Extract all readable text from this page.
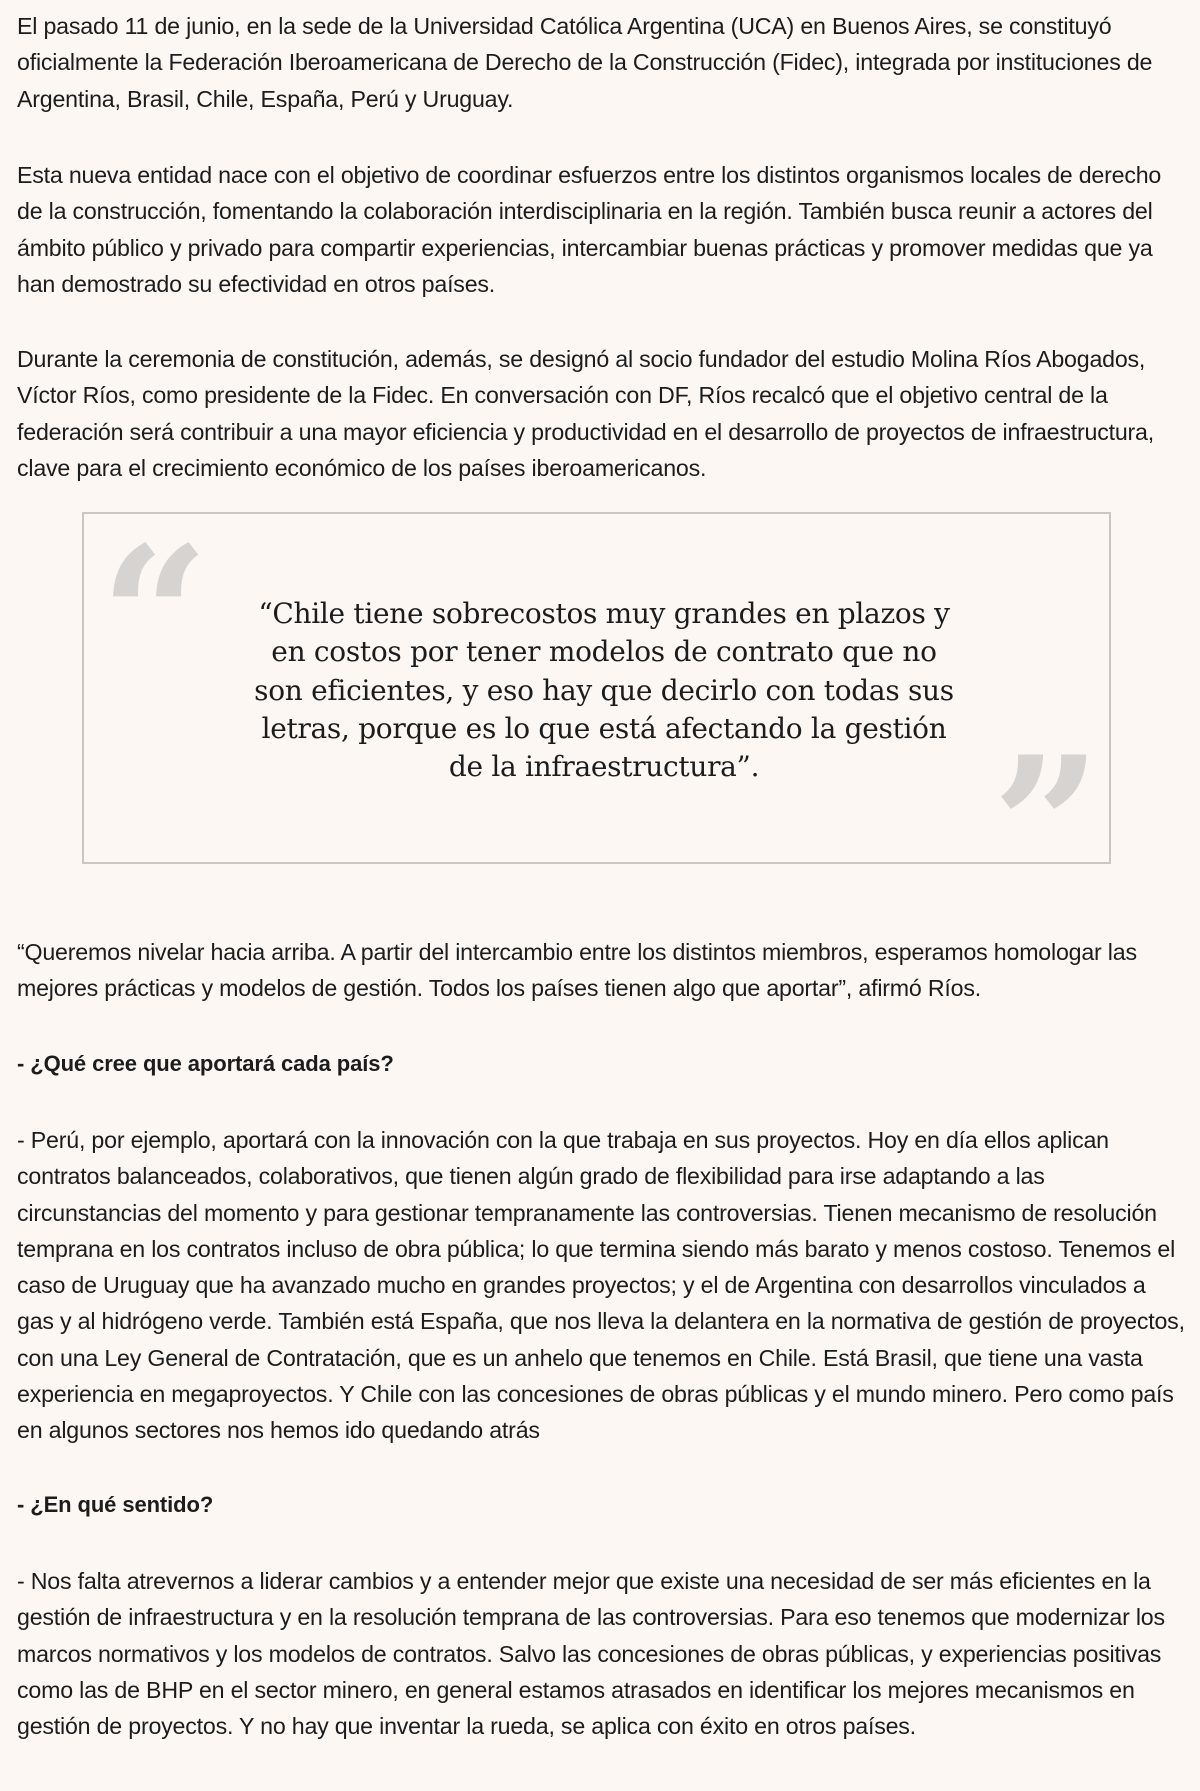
El pasado 11 de junio, en la sede de la Universidad Católica Argentina (UCA) en Buenos Aires, se constituyó oficialmente la Federación Iberoamericana de Derecho de la Construcción (Fidec), integrada por instituciones de Argentina, Brasil, Chile, España, Perú y Uruguay.

Esta nueva entidad nace con el objetivo de coordinar esfuerzos entre los distintos organismos locales de derecho de la construcción, fomentando la colaboración interdisciplinaria en la región. También busca reunir a actores del ámbito público y privado para compartir experiencias, intercambiar buenas prácticas y promover medidas que ya han demostrado su efectividad en otros países.

Durante la ceremonia de constitución, además, se designó al socio fundador del estudio Molina Ríos Abogados, Víctor Ríos, como presidente de la Fidec. En conversación con DF, Ríos recalcó que el objetivo central de la federación será contribuir a una mayor eficiencia y productividad en el desarrollo de proyectos de infraestructura, clave para el crecimiento económico de los países iberoamericanos.

“	“Chile tiene sobrecostos muy grandes en plazos y en costos por tener modelos de contrato que no son eficientes, y eso hay que decirlo con todas sus letras, porque es lo que está afectando la gestión de la infraestructura”.	”

“Queremos nivelar hacia arriba. A partir del intercambio entre los distintos miembros, esperamos homologar las mejores prácticas y modelos de gestión. Todos los países tienen algo que aportar”, afirmó Ríos.

- ¿Qué cree que aportará cada país?

- Perú, por ejemplo, aportará con la innovación con la que trabaja en sus proyectos. Hoy en día ellos aplican contratos balanceados, colaborativos, que tienen algún grado de flexibilidad para irse adaptando a las circunstancias del momento y para gestionar tempranamente las controversias. Tienen mecanismo de resolución temprana en los contratos incluso de obra pública; lo que termina siendo más barato y menos costoso. Tenemos el caso de Uruguay que ha avanzado mucho en grandes proyectos; y el de Argentina con desarrollos vinculados a gas y al hidrógeno verde. También está España, que nos lleva la delantera en la normativa de gestión de proyectos, con una Ley General de Contratación, que es un anhelo que tenemos en Chile. Está Brasil, que tiene una vasta experiencia en megaproyectos. Y Chile con las concesiones de obras públicas y el mundo minero. Pero como país en algunos sectores nos hemos ido quedando atrás

- ¿En qué sentido?

- Nos falta atrevernos a liderar cambios y a entender mejor que existe una necesidad de ser más eficientes en la gestión de infraestructura y en la resolución temprana de las controversias. Para eso tenemos que modernizar los marcos normativos y los modelos de contratos. Salvo las concesiones de obras públicas, y experiencias positivas como las de BHP en el sector minero, en general estamos atrasados en identificar los mejores mecanismos en gestión de proyectos. Y no hay que inventar la rueda, se aplica con éxito en otros países.
